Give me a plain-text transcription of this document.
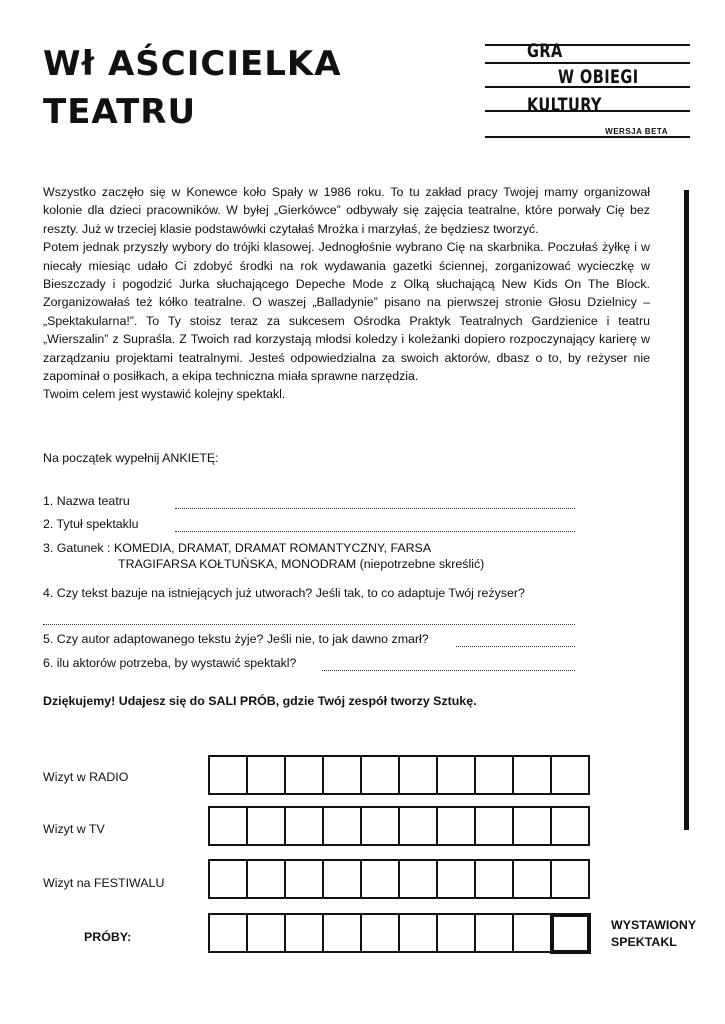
Wł AŚCICIELKA
TEATRU
GRA
W OBIEGI
KULTURY
WERSJA BETA

Wszystko zaczęło się w Konewce koło Spały w 1986 roku. To tu zakład pracy Twojej mamy organizował kolonie dla dzieci pracowników. W byłej „Gierkówce” odbywały się zajęcia teatralne, które porwały Cię bez reszty. Już w trzeciej klasie podstawówki czytałaś Mrożka i marzyłaś, że będziesz tworzyć.

Potem jednak przyszły wybory do trójki klasowej. Jednogłośnie wybrano Cię na skarbnika. Poczułaś żyłkę i w niecały miesiąc udało Ci zdobyć środki na rok wydawania gazetki ściennej, zorganizować wycieczkę w Bieszczady i pogodzić Jurka słuchającego Depeche Mode z Olką słuchającą New Kids On The Block. Zorganizowałaś też kółko teatralne. O waszej „Balladynie” pisano na pierwszej stronie Głosu Dzielnicy – „Spektakularna!”. To Ty stoisz teraz za sukcesem Ośrodka Praktyk Teatralnych Gardzienice i teatru „Wierszalin” z Supraśla. Z Twoich rad korzystają młodsi koledzy i koleżanki dopiero rozpoczynający karierę w zarządzaniu projektami teatralnymi. Jesteś odpowiedzialna za swoich aktorów, dbasz o to, by reżyser nie zapominał o posiłkach, a ekipa techniczna miała sprawne narzędzia.

Twoim celem jest wystawić kolejny spektakl.

Na początek wypełnij ANKIETĘ:
1. Nazwa teatru
2. Tytuł spektaklu
3. Gatunek : KOMEDIA, DRAMAT, DRAMAT ROMANTYCZNY, FARSA
TRAGIFARSA KOŁTUŃSKA, MONODRAM (niepotrzebne skreślić)
4. Czy tekst bazuje na istniejących już utworach? Jeśli tak, to co adaptuje Twój reżyser?
5. Czy autor adaptowanego tekstu żyje? Jeśli nie, to jak dawno zmarł?
6. ilu aktorów potrzeba, by wystawić spektakl?
Dziękujemy! Udajesz się do SALI PRÓB, gdzie Twój zespół tworzy Sztukę.
Wizyt w RADIO
Wizyt w TV
Wizyt na FESTIWALU
PRÓBY:
WYSTAWIONY
SPEKTAKL
